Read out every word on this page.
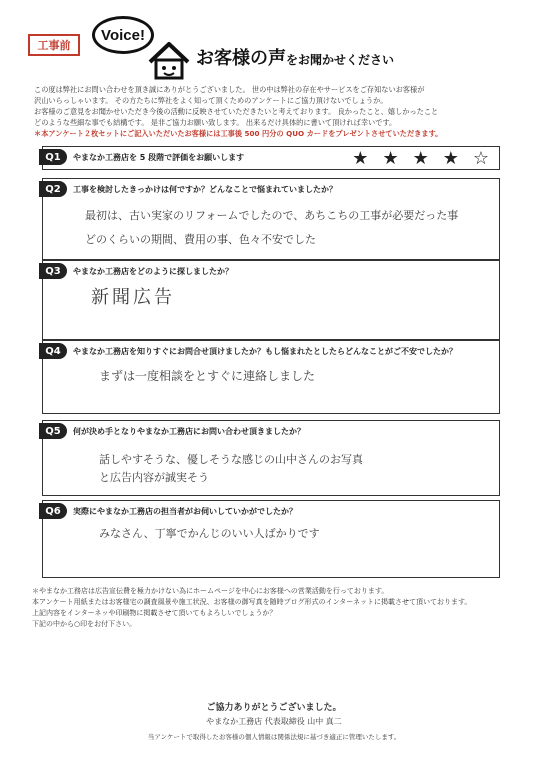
工事前
Voice!
お客様の声をお聞かせください
この度は弊社にお問い合わせを頂き誠にありがとうございました。 世の中は弊社の存在やサービスをご存知ないお客様が
沢山いらっしゃいます。 その方たちに弊社をよく知って頂くためのアンケートにご協力頂けないでしょうか。
お客様のご意見をお聞かせいただき今後の活動に反映させていただきたいと考えております。 良かったこと、嬉しかったこと
どのような些細な事でも結構です。 是非ご協力お願い致します。 出来るだけ具体的に書いて頂ければ幸いです。
＊本アンケート２枚セットにご記入いただいたお客様には工事後 500 円分の QUO カードをプレゼントさせていただきます。
Q1	やまなか工務店を 5 段階で評価をお願いします	★ ★ ★ ★ ☆
Q2	工事を検討したきっかけは何ですか？どんなことで悩まれていましたか？
最初は、古い実家のリフォームでしたので、あちこちの工事が必要だった事
どのくらいの期間、費用の事、色々不安でした
Q3	やまなか工務店をどのように探しましたか？
新聞広告
Q4	やまなか工務店を知りすぐにお問合せ頂けましたか？もし悩まれたとしたらどんなことがご不安でしたか？
まずは一度相談をとすぐに連絡しました
Q5	何が決め手となりやまなか工務店にお問い合わせ頂きましたか？
話しやすそうな、優しそうな感じの山中さんのお写真
と広告内容が誠実そう
Q6	実際にやまなか工務店の担当者がお伺いしていかがでしたか？
みなさん、丁寧でかんじのいい人ばかりです
＊やまなか工務店は広告宣伝費を極力かけない為にホームページを中心にお客様への営業活動を行っております。
本アンケート用紙またはお客様宅の調査風景や施工状況、お客様の御写真を随時ブログ形式のインターネットに掲載させて頂いております。
上記内容をインターネッや印刷物に掲載させて頂いてもよろしいでしょうか？
下記の中から○印をお付下さい。
ご協力ありがとうございました。
やまなか工務店 代表取締役 山中 真二
当アンケートで取得したお客様の個人情報は関係法規に基づき適正に管理いたします。
